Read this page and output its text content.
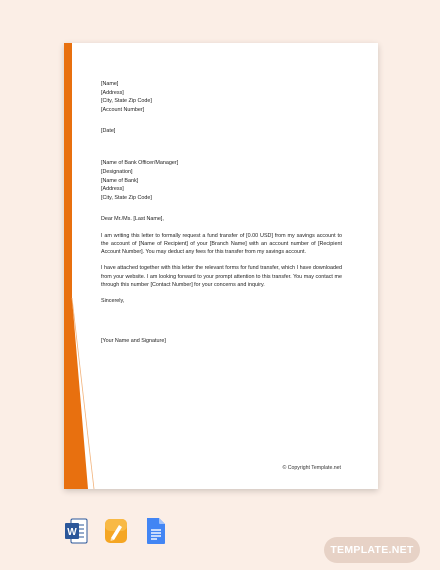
[Name]
[Address]
[City, State Zip Code]
[Account Number]
[Date]
[Name of Bank Officer/Manager]
[Designation]
[Name of Bank]
[Address]
[City, State Zip Code]
Dear Mr./Ms. [Last Name],

I am writing this letter to formally request a fund transfer of [0.00 USD] from my savings account to the account of [Name of Recipient] of your [Branch Name] with an account number of [Recipient Account Number]. You may deduct any fees for this transfer from my savings account.

I have attached together with this letter the relevant forms for fund transfer, which I have downloaded from your website. I am looking forward to your prompt attention to this transfer. You may contact me through this number [Contact Number] for your concerns and inquiry.

Sincerely,
[Your Name and Signature]
© Copyright Template.net
W
TEMPLATE.NET
